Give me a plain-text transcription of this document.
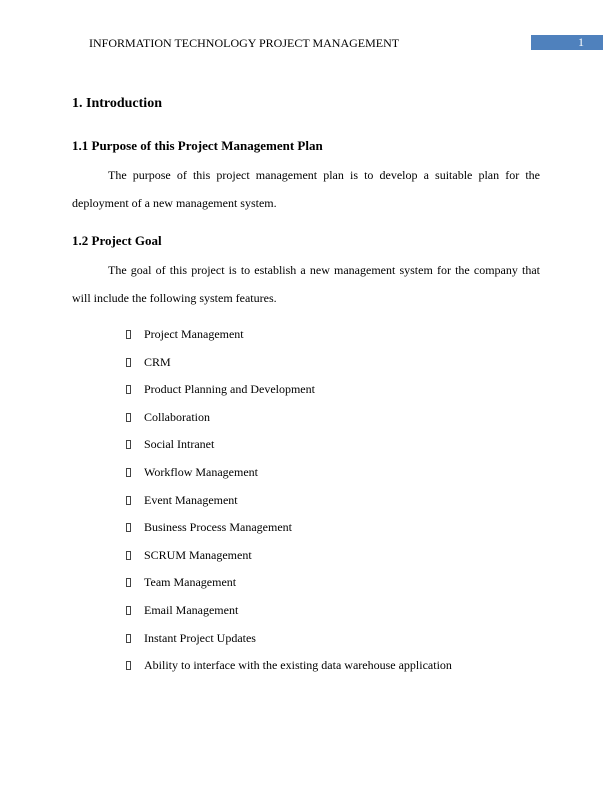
INFORMATION TECHNOLOGY PROJECT MANAGEMENT	1
1. Introduction
1.1 Purpose of this Project Management Plan

The purpose of this project management plan is to develop a suitable plan for the deployment of a new management system.

1.2 Project Goal

The goal of this project is to establish a new management system for the company that will include the following system features.

Project Management
CRM
Product Planning and Development
Collaboration
Social Intranet
Workflow Management
Event Management
Business Process Management
SCRUM Management
Team Management
Email Management
Instant Project Updates
Ability to interface with the existing data warehouse application
